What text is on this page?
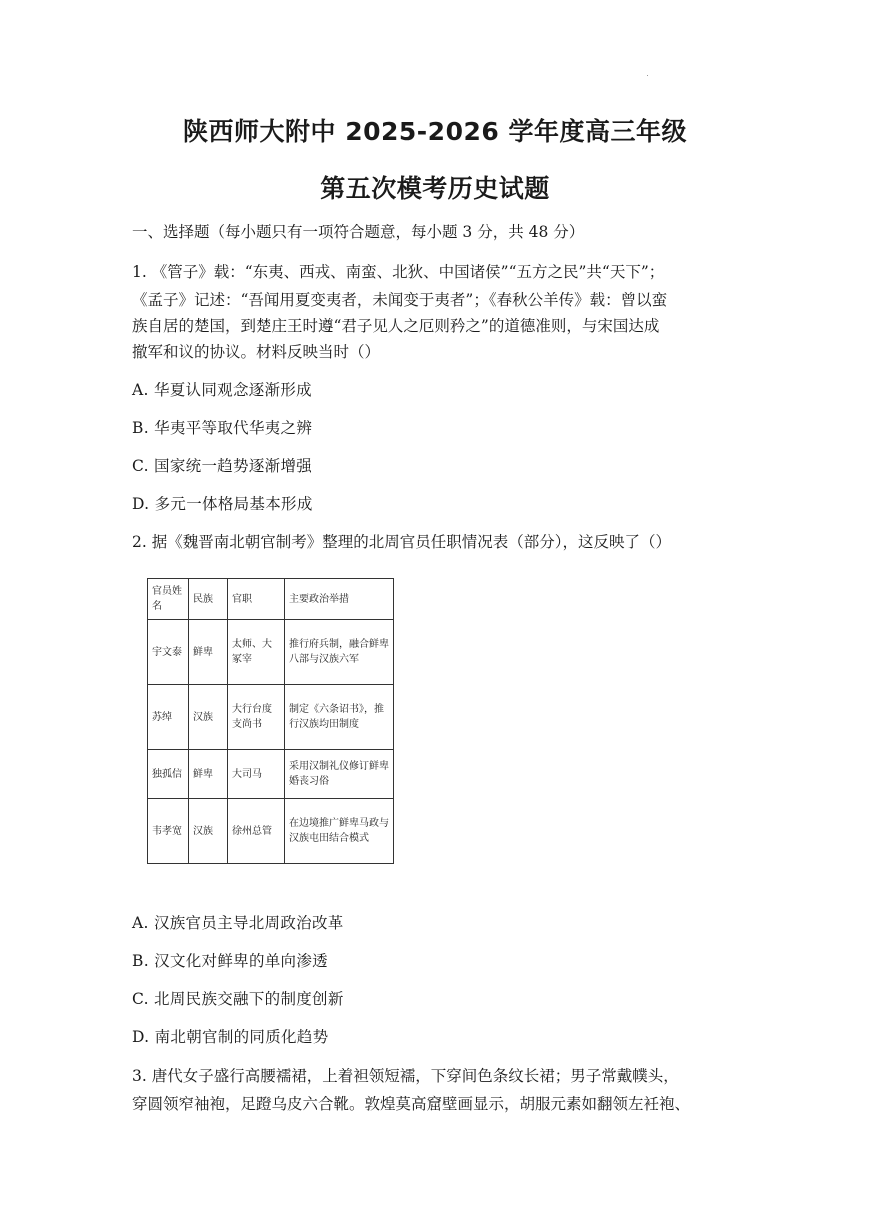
陕西师大附中 2025-2026 学年度高三年级
第五次模考历史试题
一、选择题（每小题只有一项符合题意，每小题 3 分，共 48 分）
1. 《管子》载：“东夷、西戎、南蛮、北狄、中国诸侯”“五方之民”共“天下”；
《孟子》记述：“吾闻用夏变夷者，未闻变于夷者”；《春秋公羊传》载：曾以蛮
族自居的楚国，到楚庄王时遵“君子见人之厄则矜之”的道德准则，与宋国达成
撤军和议的协议。材料反映当时（）
A. 华夏认同观念逐渐形成
B. 华夷平等取代华夷之辨
C. 国家统一趋势逐渐增强
D. 多元一体格局基本形成
2. 据《魏晋南北朝官制考》整理的北周官员任职情况表（部分），这反映了（）
官员姓名	民族	官职	主要政治举措
宇文泰	鲜卑	太师、大冢宰	推行府兵制，融合鲜卑八部与汉族六军
苏绰	汉族	大行台度支尚书	制定《六条诏书》，推行汉族均田制度
独孤信	鲜卑	大司马	采用汉制礼仪修订鲜卑婚丧习俗
韦孝宽	汉族	徐州总管	在边境推广鲜卑马政与汉族屯田结合模式
A. 汉族官员主导北周政治改革
B. 汉文化对鲜卑的单向渗透
C. 北周民族交融下的制度创新
D. 南北朝官制的同质化趋势
3. 唐代女子盛行高腰襦裙，上着袒领短襦，下穿间色条纹长裙；男子常戴幞头，
穿圆领窄袖袍，足蹬乌皮六合靴。敦煌莫高窟壁画显示，胡服元素如翻领左衽袍、
